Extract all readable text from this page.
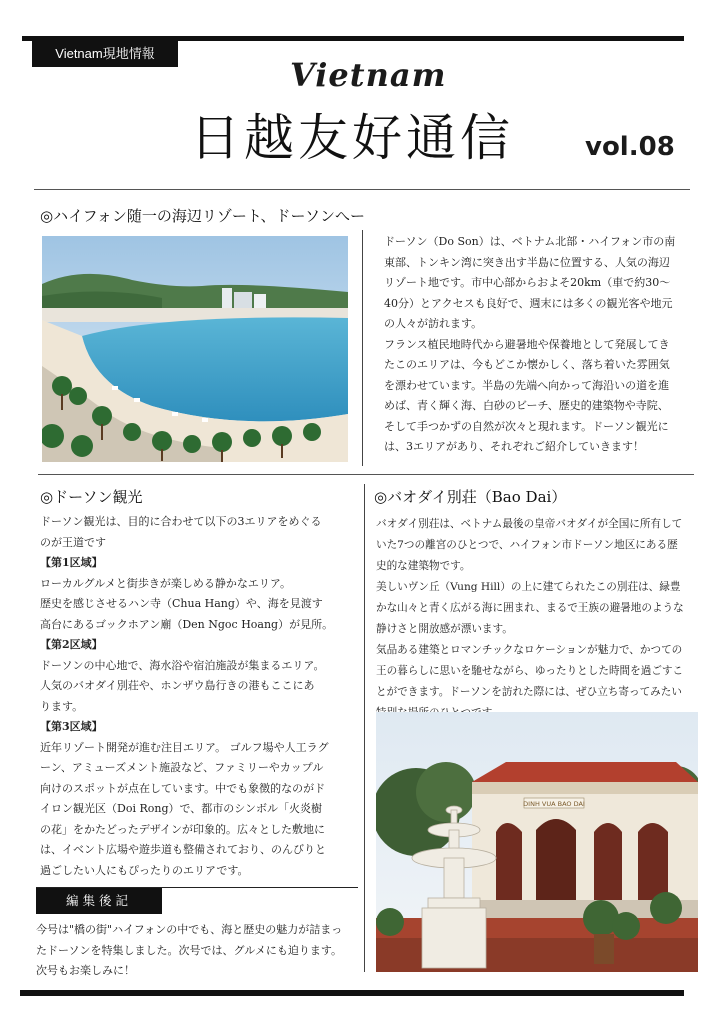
Vietnam現地情報
Vietnam
日越友好通信	vol.08
◎ハイフォン随一の海辺リゾート、ドーソンへー
ドーソン（Do Son）は、ベトナム北部・ハイフォン市の南
東部、トンキン湾に突き出す半島に位置する、人気の海辺
リゾート地です。市中心部からおよそ20km（車で約30〜
40分）とアクセスも良好で、週末には多くの観光客や地元
の人々が訪れます。
フランス植民地時代から避暑地や保養地として発展してき
たこのエリアは、今もどこか懐かしく、落ち着いた雰囲気
を漂わせています。半島の先端へ向かって海沿いの道を進
めば、青く輝く海、白砂のビーチ、歴史的建築物や寺院、
そして手つかずの自然が次々と現れます。ドーソン観光に
は、3エリアがあり、それぞれご紹介していきます！
◎ドーソン観光
ドーソン観光は、目的に合わせて以下の3エリアをめぐる
のが王道です
【第1区域】
ローカルグルメと街歩きが楽しめる静かなエリア。
歴史を感じさせるハン寺（Chua Hang）や、海を見渡す
高台にあるゴックホアン廟（Den Ngoc Hoang）が見所。
【第2区域】
ドーソンの中心地で、海水浴や宿泊施設が集まるエリア。
人気のバオダイ別荘や、ホンザウ島行きの港もここにあ
ります。
【第3区域】
近年リゾート開発が進む注目エリア。 ゴルフ場や人工ラグ
ーン、アミューズメント施設など、ファミリーやカップル
向けのスポットが点在しています。中でも象徴的なのがド
イロン観光区（Doi Rong）で、都市のシンボル「火炎樹
の花」をかたどったデザインが印象的。広々とした敷地に
は、イベント広場や遊歩道も整備されており、のんびりと
過ごしたい人にもぴったりのエリアです。
◎バオダイ別荘（Bao Dai）
バオダイ別荘は、ベトナム最後の皇帝バオダイが全国に所有して
いた7つの離宮のひとつで、ハイフォン市ドーソン地区にある歴
史的な建築物です。
美しいヴン丘（Vung Hill）の上に建てられたこの別荘は、緑豊
かな山々と青く広がる海に囲まれ、まるで王族の避暑地のような
静けさと開放感が漂います。
気品ある建築とロマンチックなロケーションが魅力で、かつての
王の暮らしに思いを馳せながら、ゆったりとした時間を過ごすこ
とができます。ドーソンを訪れた際には、ぜひ立ち寄ってみたい
DINH VUA BAO DAI
編集後記
今号は"橋の街"ハイフォンの中でも、海と歴史の魅力が詰まっ
たドーソンを特集しました。次号では、グルメにも迫ります。
次号もお楽しみに！
